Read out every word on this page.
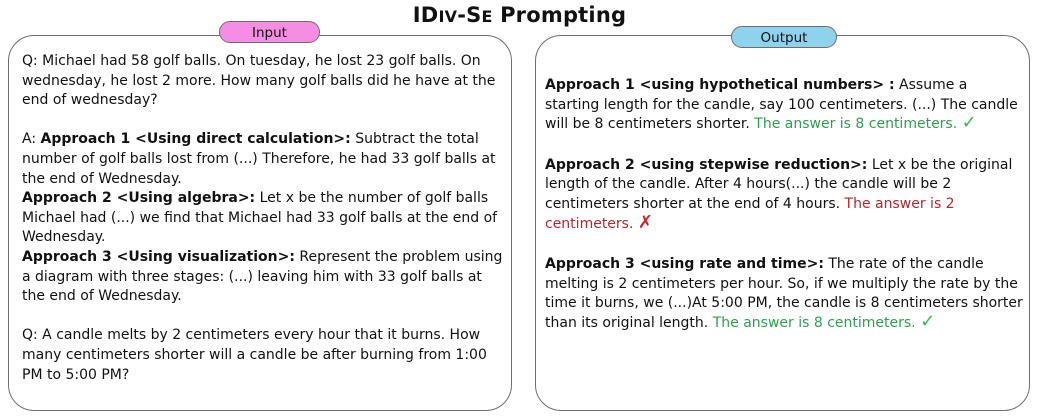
IDIV-SE Prompting
Input	Output

Q: Michael had 58 golf balls. On tuesday, he lost 23 golf balls. On wednesday, he lost 2 more. How many golf balls did he have at the end of wednesday?

A: Approach 1 <Using direct calculation>: Subtract the total number of golf balls lost from (...) Therefore, he had 33 golf balls at the end of Wednesday.

Approach 2 <Using algebra>: Let x be the number of golf balls Michael had (...) we find that Michael had 33 golf balls at the end of Wednesday.

Approach 3 <Using visualization>: Represent the problem using a diagram with three stages: (...) leaving him with 33 golf balls at the end of Wednesday.

Q: A candle melts by 2 centimeters every hour that it burns. How many centimeters shorter will a candle be after burning from 1:00 PM to 5:00 PM?

Approach 1 <using hypothetical numbers> : Assume a starting length for the candle, say 100 centimeters. (...) The candle will be 8 centimeters shorter. The answer is 8 centimeters. ✓

Approach 2 <using stepwise reduction>: Let x be the original length of the candle. After 4 hours(...) the candle will be 2 centimeters shorter at the end of 4 hours. The answer is 2 centimeters. ✗

Approach 3 <using rate and time>: The rate of the candle melting is 2 centimeters per hour. So, if we multiply the rate by the time it burns, we (...)At 5:00 PM, the candle is 8 centimeters shorter than its original length. The answer is 8 centimeters. ✓
